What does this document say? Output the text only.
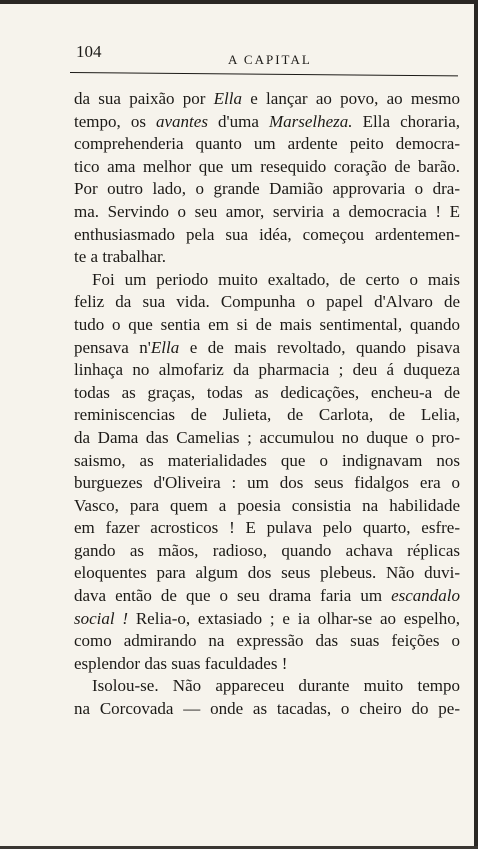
104	A CAPITAL
da sua paixão por Ella e lançar ao povo, ao mesmo
tempo, os avantes d'uma Marselheza. Ella choraria,
comprehenderia quanto um ardente peito democra-
tico ama melhor que um resequido coração de barão.
Por outro lado, o grande Damião approvaria o dra-
ma. Servindo o seu amor, serviria a democracia ! E
enthusiasmado pela sua idéa, começou ardentemen-
te a trabalhar.
Foi um periodo muito exaltado, de certo o mais
feliz da sua vida. Compunha o papel d'Alvaro de
tudo o que sentia em si de mais sentimental, quando
pensava n'Ella e de mais revoltado, quando pisava
linhaça no almofariz da pharmacia ; deu á duqueza
todas as graças, todas as dedicações, encheu-a de
reminiscencias de Julieta, de Carlota, de Lelia,
da Dama das Camelias ; accumulou no duque o pro-
saismo, as materialidades que o indignavam nos
burguezes d'Oliveira : um dos seus fidalgos era o
Vasco, para quem a poesia consistia na habilidade
em fazer acrosticos ! E pulava pelo quarto, esfre-
gando as mãos, radioso, quando achava réplicas
eloquentes para algum dos seus plebeus. Não duvi-
dava então de que o seu drama faria um escandalo
social ! Relia-o, extasiado ; e ia olhar-se ao espelho,
como admirando na expressão das suas feições o
esplendor das suas faculdades !
Isolou-se. Não appareceu durante muito tempo
na Corcovada — onde as tacadas, o cheiro do pe-
